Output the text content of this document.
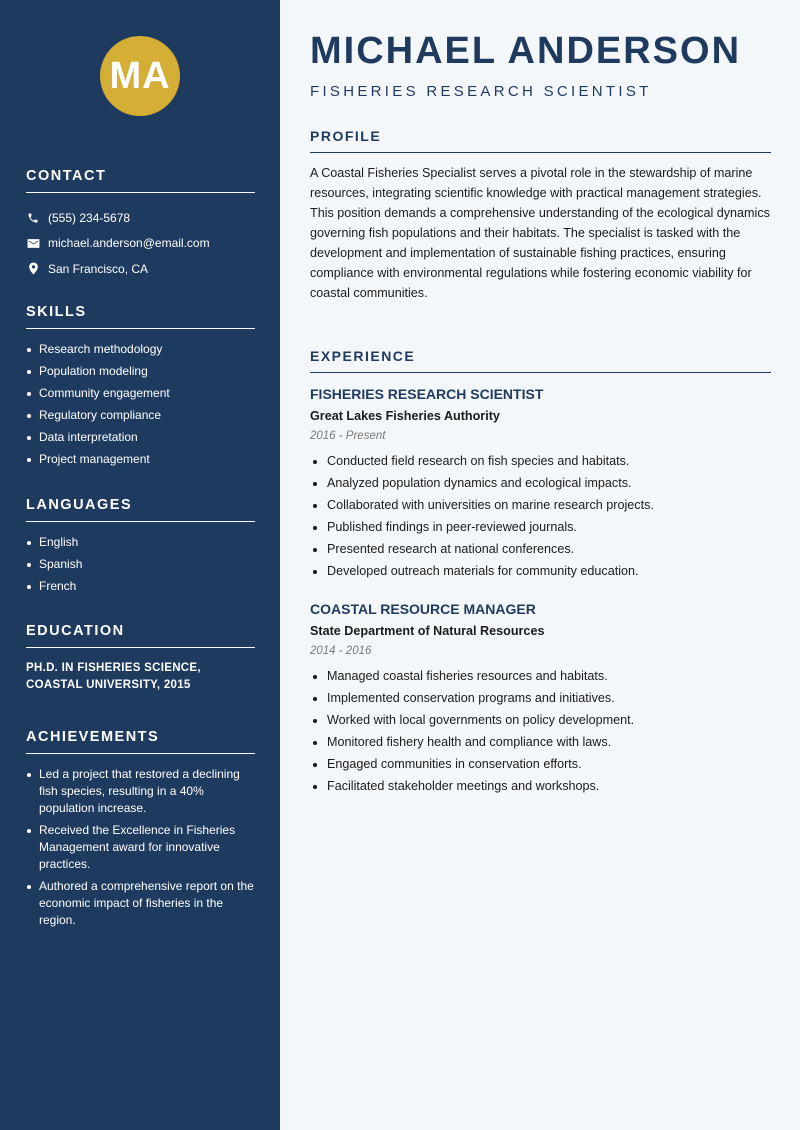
MA
CONTACT
(555) 234-5678
michael.anderson@email.com
San Francisco, CA
SKILLS
Research methodology
Population modeling
Community engagement
Regulatory compliance
Data interpretation
Project management
LANGUAGES
English
Spanish
French
EDUCATION
PH.D. IN FISHERIES SCIENCE, COASTAL UNIVERSITY, 2015
ACHIEVEMENTS
Led a project that restored a declining fish species, resulting in a 40% population increase.
Received the Excellence in Fisheries Management award for innovative practices.
Authored a comprehensive report on the economic impact of fisheries in the region.
MICHAEL ANDERSON
FISHERIES RESEARCH SCIENTIST
PROFILE

A Coastal Fisheries Specialist serves a pivotal role in the stewardship of marine resources, integrating scientific knowledge with practical management strategies. This position demands a comprehensive understanding of the ecological dynamics governing fish populations and their habitats. The specialist is tasked with the development and implementation of sustainable fishing practices, ensuring compliance with environmental regulations while fostering economic viability for coastal communities.

EXPERIENCE
FISHERIES RESEARCH SCIENTIST
Great Lakes Fisheries Authority
2016 - Present
Conducted field research on fish species and habitats.
Analyzed population dynamics and ecological impacts.
Collaborated with universities on marine research projects.
Published findings in peer-reviewed journals.
Presented research at national conferences.
Developed outreach materials for community education.
COASTAL RESOURCE MANAGER
State Department of Natural Resources
2014 - 2016
Managed coastal fisheries resources and habitats.
Implemented conservation programs and initiatives.
Worked with local governments on policy development.
Monitored fishery health and compliance with laws.
Engaged communities in conservation efforts.
Facilitated stakeholder meetings and workshops.
